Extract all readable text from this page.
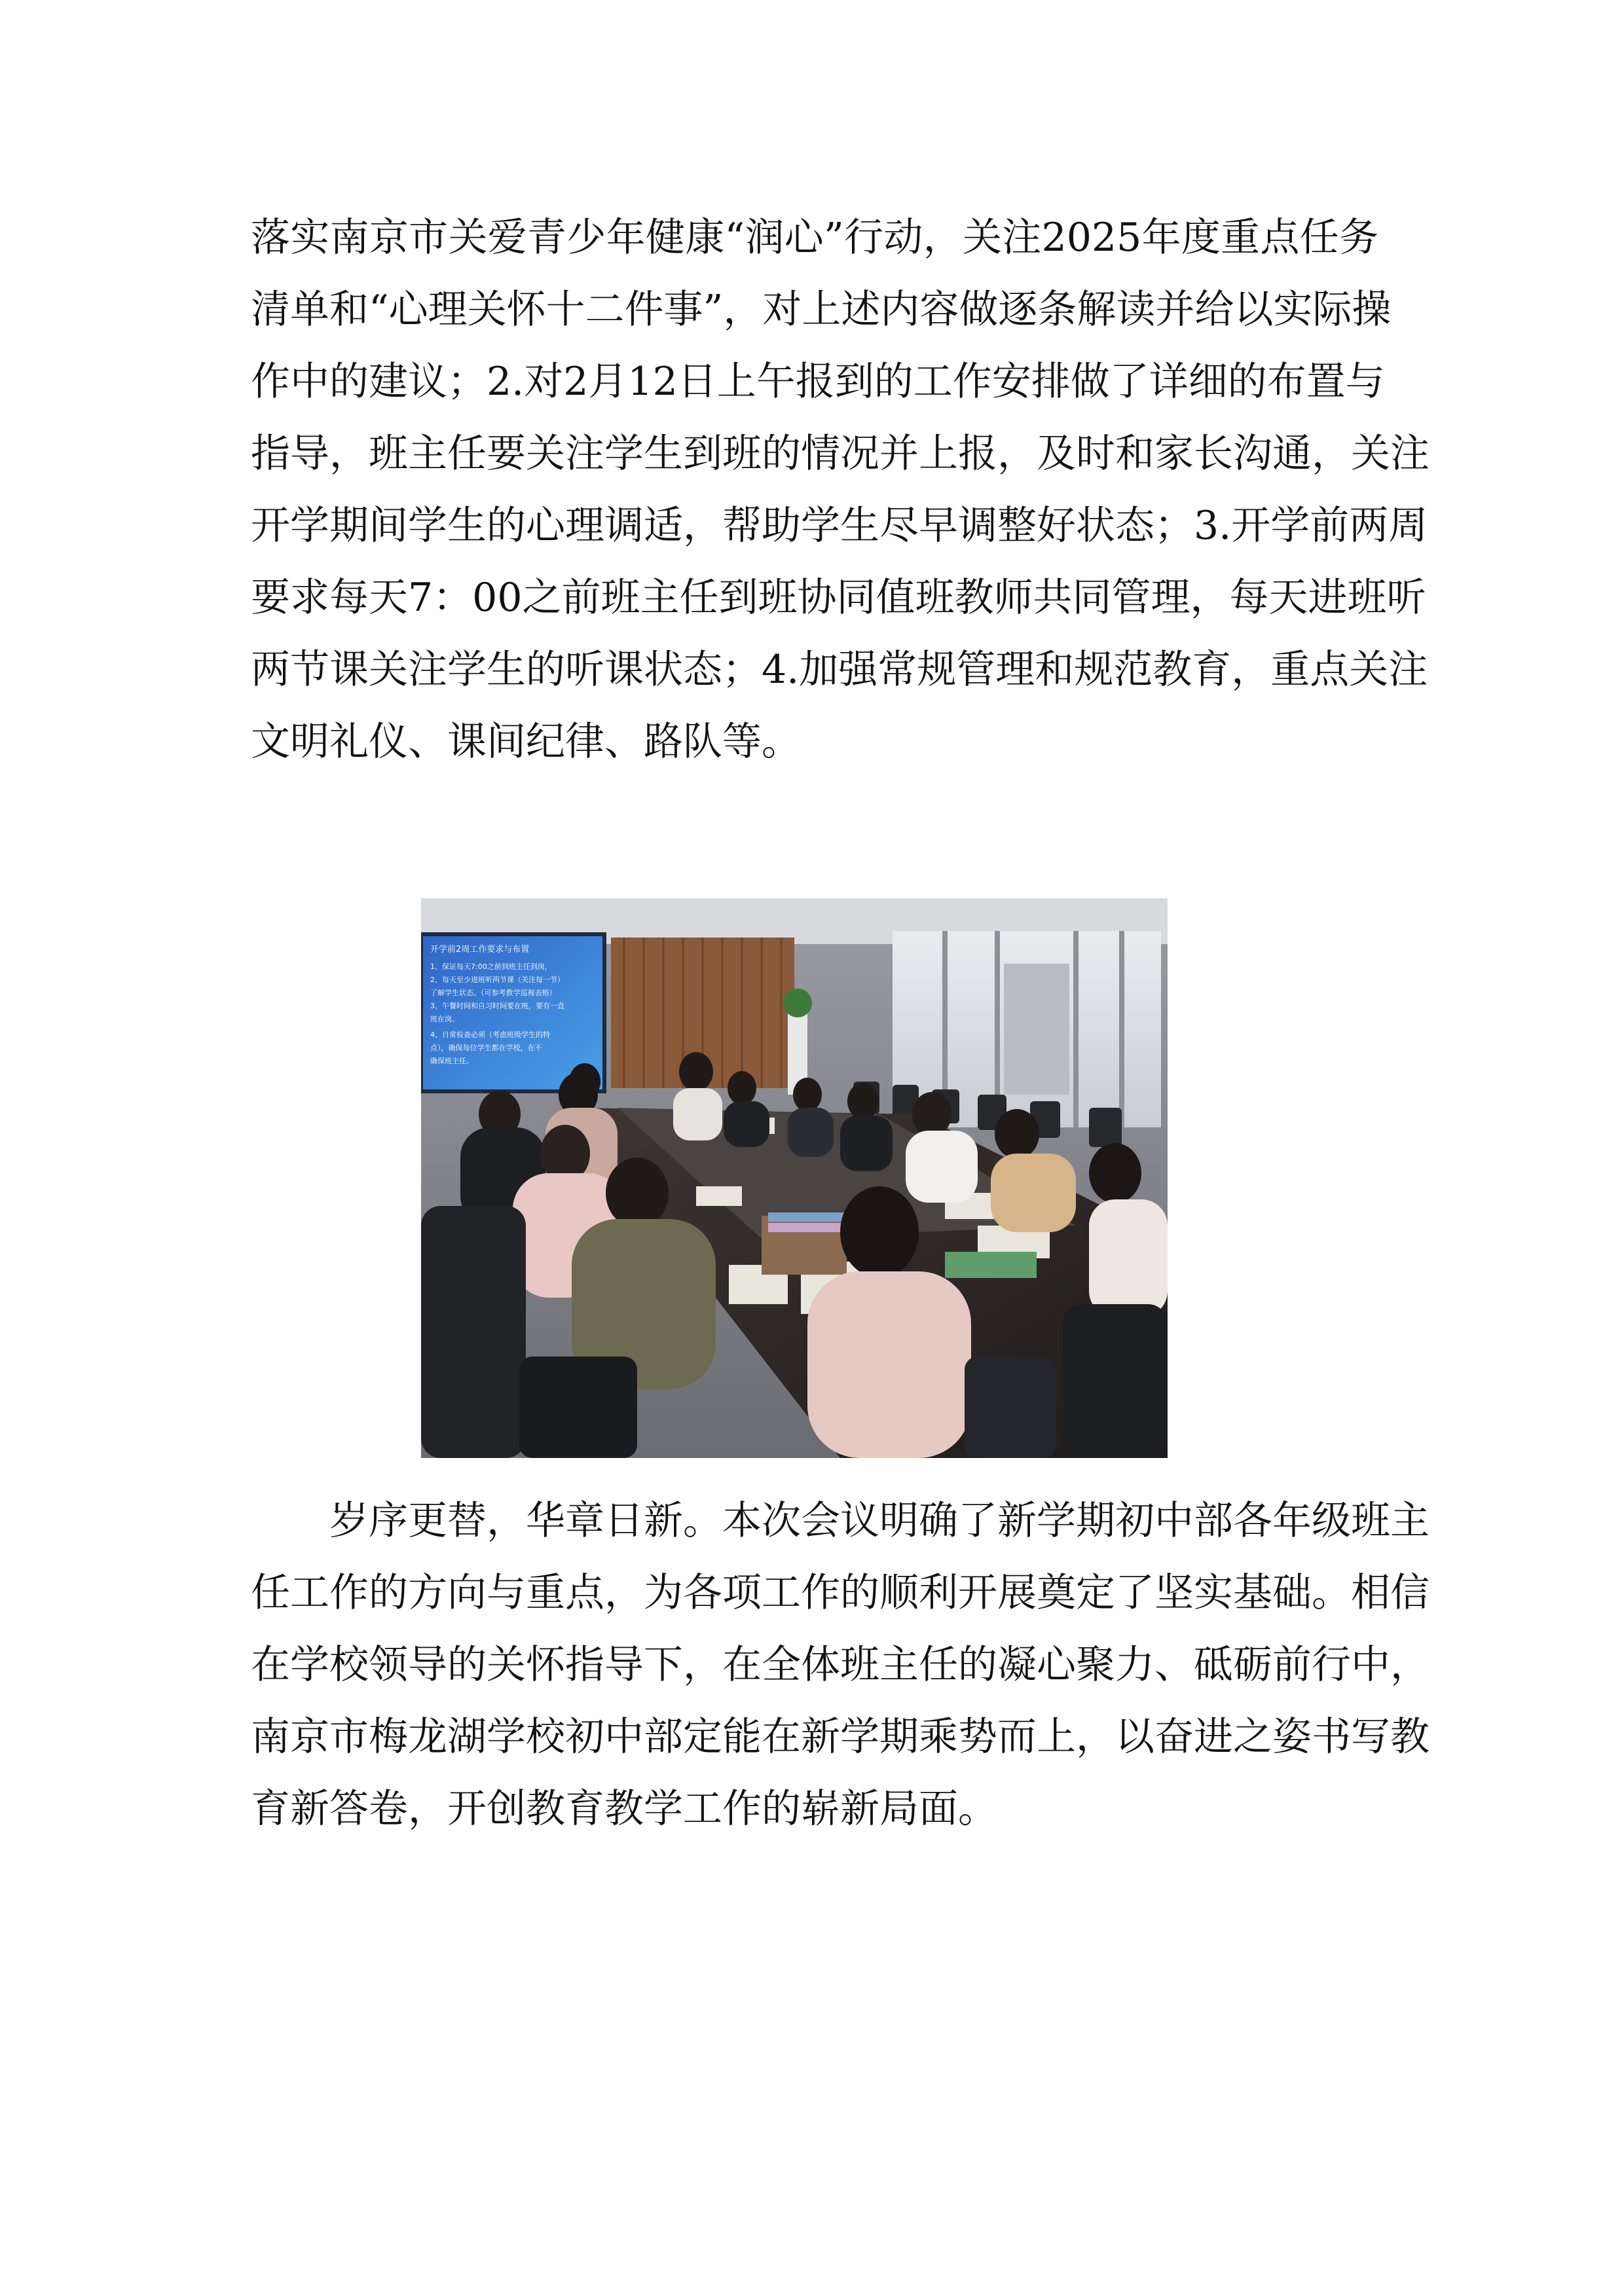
落实南京市关爱青少年健康“润心”行动，关注2025年度重点任务
清单和“心理关怀十二件事”，对上述内容做逐条解读并给以实际操
作中的建议；2.对2月12日上午报到的工作安排做了详细的布置与
指导，班主任要关注学生到班的情况并上报，及时和家长沟通，关注
开学期间学生的心理调适，帮助学生尽早调整好状态；3.开学前两周
要求每天7：00之前班主任到班协同值班教师共同管理，每天进班听
两节课关注学生的听课状态；4.加强常规管理和规范教育，重点关注
文明礼仪、课间纪律、路队等。
开学前2周工作要求与布置
1、保证每天7:00之前到班主任到岗，
2、每天至少进班听两节课（关注每一节）
了解学生状态。（可参考教学巡视表格）
3、午餐时间和自习时间要在班，要有一直
班在岗。
4、日常检查必须（考虑班级学生的特
点），确保每位学生都在学校，在不
确保班主任。
岁序更替，华章日新。本次会议明确了新学期初中部各年级班主
任工作的方向与重点，为各项工作的顺利开展奠定了坚实基础。相信
在学校领导的关怀指导下，在全体班主任的凝心聚力、砥砺前行中，
南京市梅龙湖学校初中部定能在新学期乘势而上，以奋进之姿书写教
育新答卷，开创教育教学工作的崭新局面。
